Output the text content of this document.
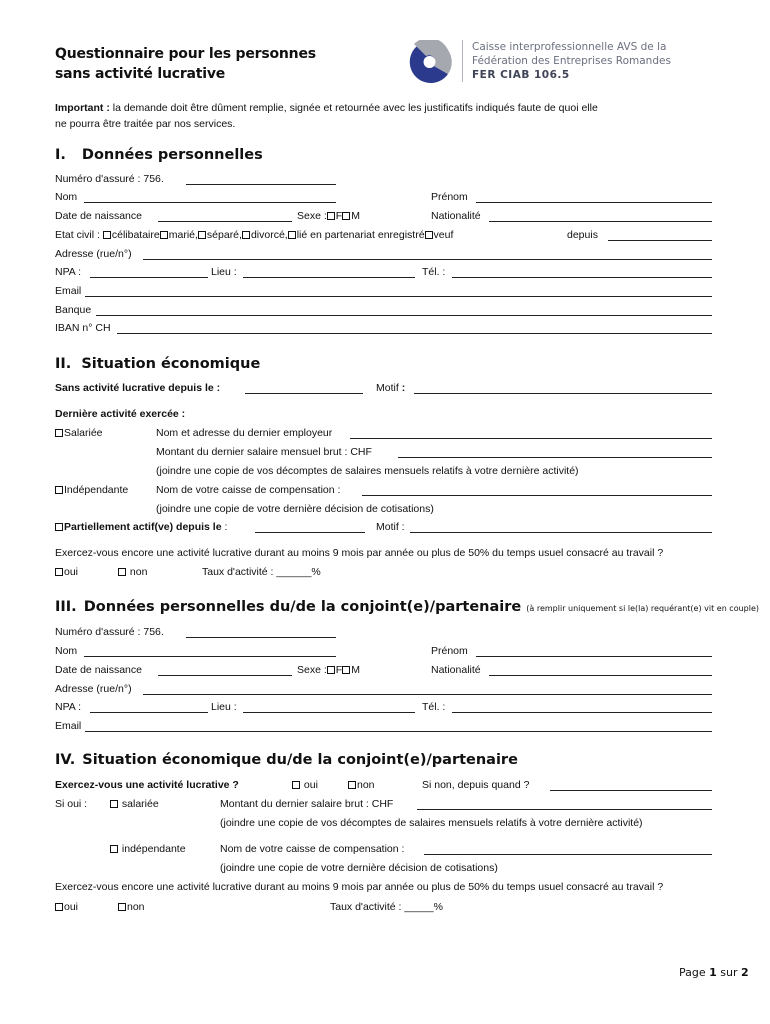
Questionnaire pour les personnes
sans activité lucrative
Caisse interprofessionnelle AVS de la
Fédération des Entreprises Romandes
FER CIAB 106.5
Important : la demande doit être dûment remplie, signée et retournée avec les justificatifs indiqués faute de quoi elle
ne pourra être traitée par nos services.
I. Données personnelles
Numéro d'assuré : 756.
Nom	Prénom
Date de naissance	Sexe : F M	Nationalité
Etat civil : célibataire marié, séparé, divorcé, lié en partenariat enregistré veuf	depuis
Adresse (rue/n°)
NPA :	Lieu :	Tél. :
Email
Banque
IBAN n° CH
II. Situation économique
Sans activité lucrative depuis le :	Motif :
Dernière activité exercée :
Salariée	Nom et adresse du dernier employeur
Montant du dernier salaire mensuel brut : CHF
(joindre une copie de vos décomptes de salaires mensuels relatifs à votre dernière activité)
Indépendante	Nom de votre caisse de compensation :
(joindre une copie de votre dernière décision de cotisations)
Partiellement actif(ve) depuis le :	Motif :
Exercez-vous encore une activité lucrative durant au moins 9 mois par année ou plus de 50% du temps usuel consacré au travail ?
oui	non	Taux d'activité : ______%
III. Données personnelles du/de la conjoint(e)/partenaire (à remplir uniquement si le(la) requérant(e) vit en couple)
Numéro d'assuré : 756.
Nom	Prénom
Date de naissance	Sexe : F M	Nationalité
Adresse (rue/n°)
NPA :	Lieu :	Tél. :
Email
IV. Situation économique du/de la conjoint(e)/partenaire
Exercez-vous une activité lucrative ?	oui	non	Si non, depuis quand ?
Si oui :	salariée	Montant du dernier salaire brut : CHF
(joindre une copie de vos décomptes de salaires mensuels relatifs à votre dernière activité)
indépendante	Nom de votre caisse de compensation :
(joindre une copie de votre dernière décision de cotisations)
Exercez-vous encore une activité lucrative durant au moins 9 mois par année ou plus de 50% du temps usuel consacré au travail ?
oui	non	Taux d'activité : _____%
Page 1 sur 2
